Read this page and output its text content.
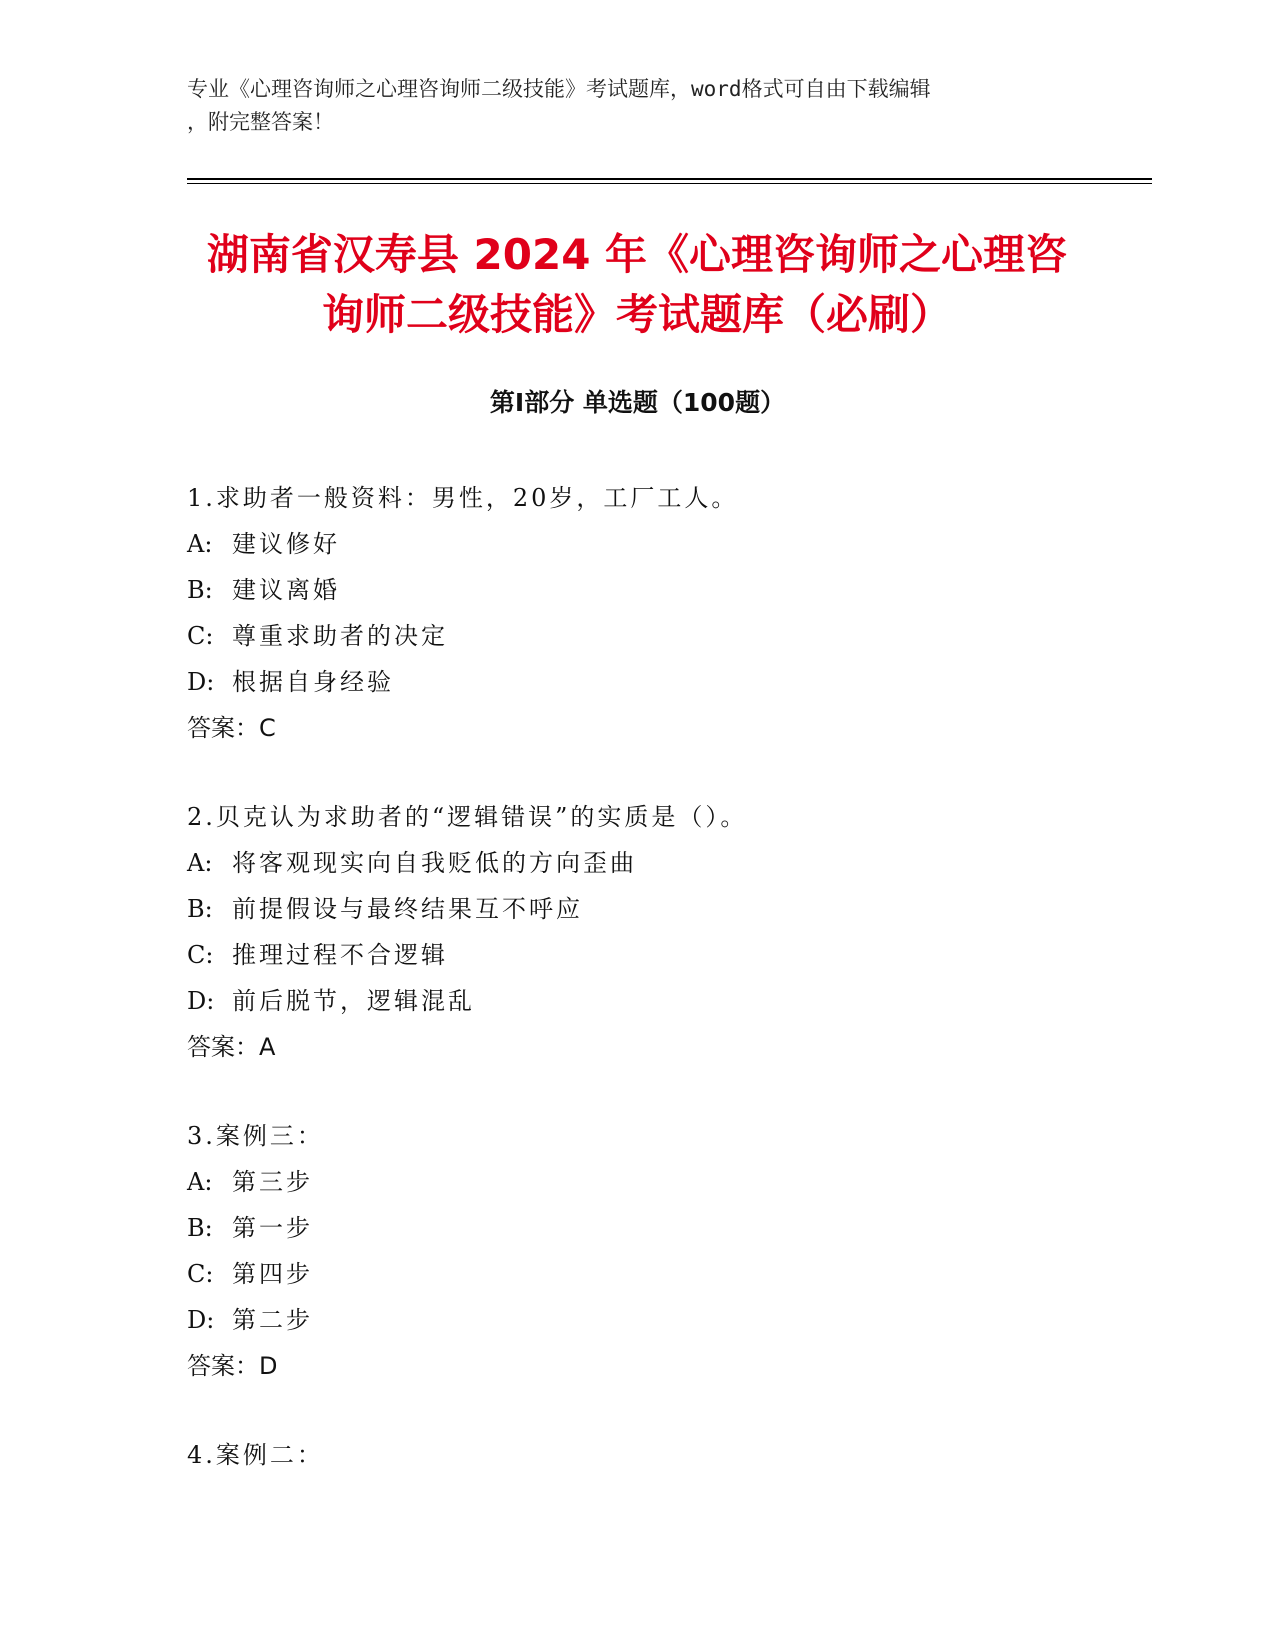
专业《心理咨询师之心理咨询师二级技能》考试题库，word格式可自由下载编辑
，附完整答案！
湖南省汉寿县 2024 年《心理咨询师之心理咨
询师二级技能》考试题库（必刷）
第Ⅰ部分 单选题（100题）

1.求助者一般资料：男性，20岁，工厂工人。

A: 建议修好

B: 建议离婚

C: 尊重求助者的决定

D: 根据自身经验

答案：C

2.贝克认为求助者的“逻辑错误”的实质是（）。

A: 将客观现实向自我贬低的方向歪曲

B: 前提假设与最终结果互不呼应

C: 推理过程不合逻辑

D: 前后脱节，逻辑混乱

答案：A

3.案例三：

A: 第三步

B: 第一步

C: 第四步

D: 第二步

答案：D

4.案例二：
